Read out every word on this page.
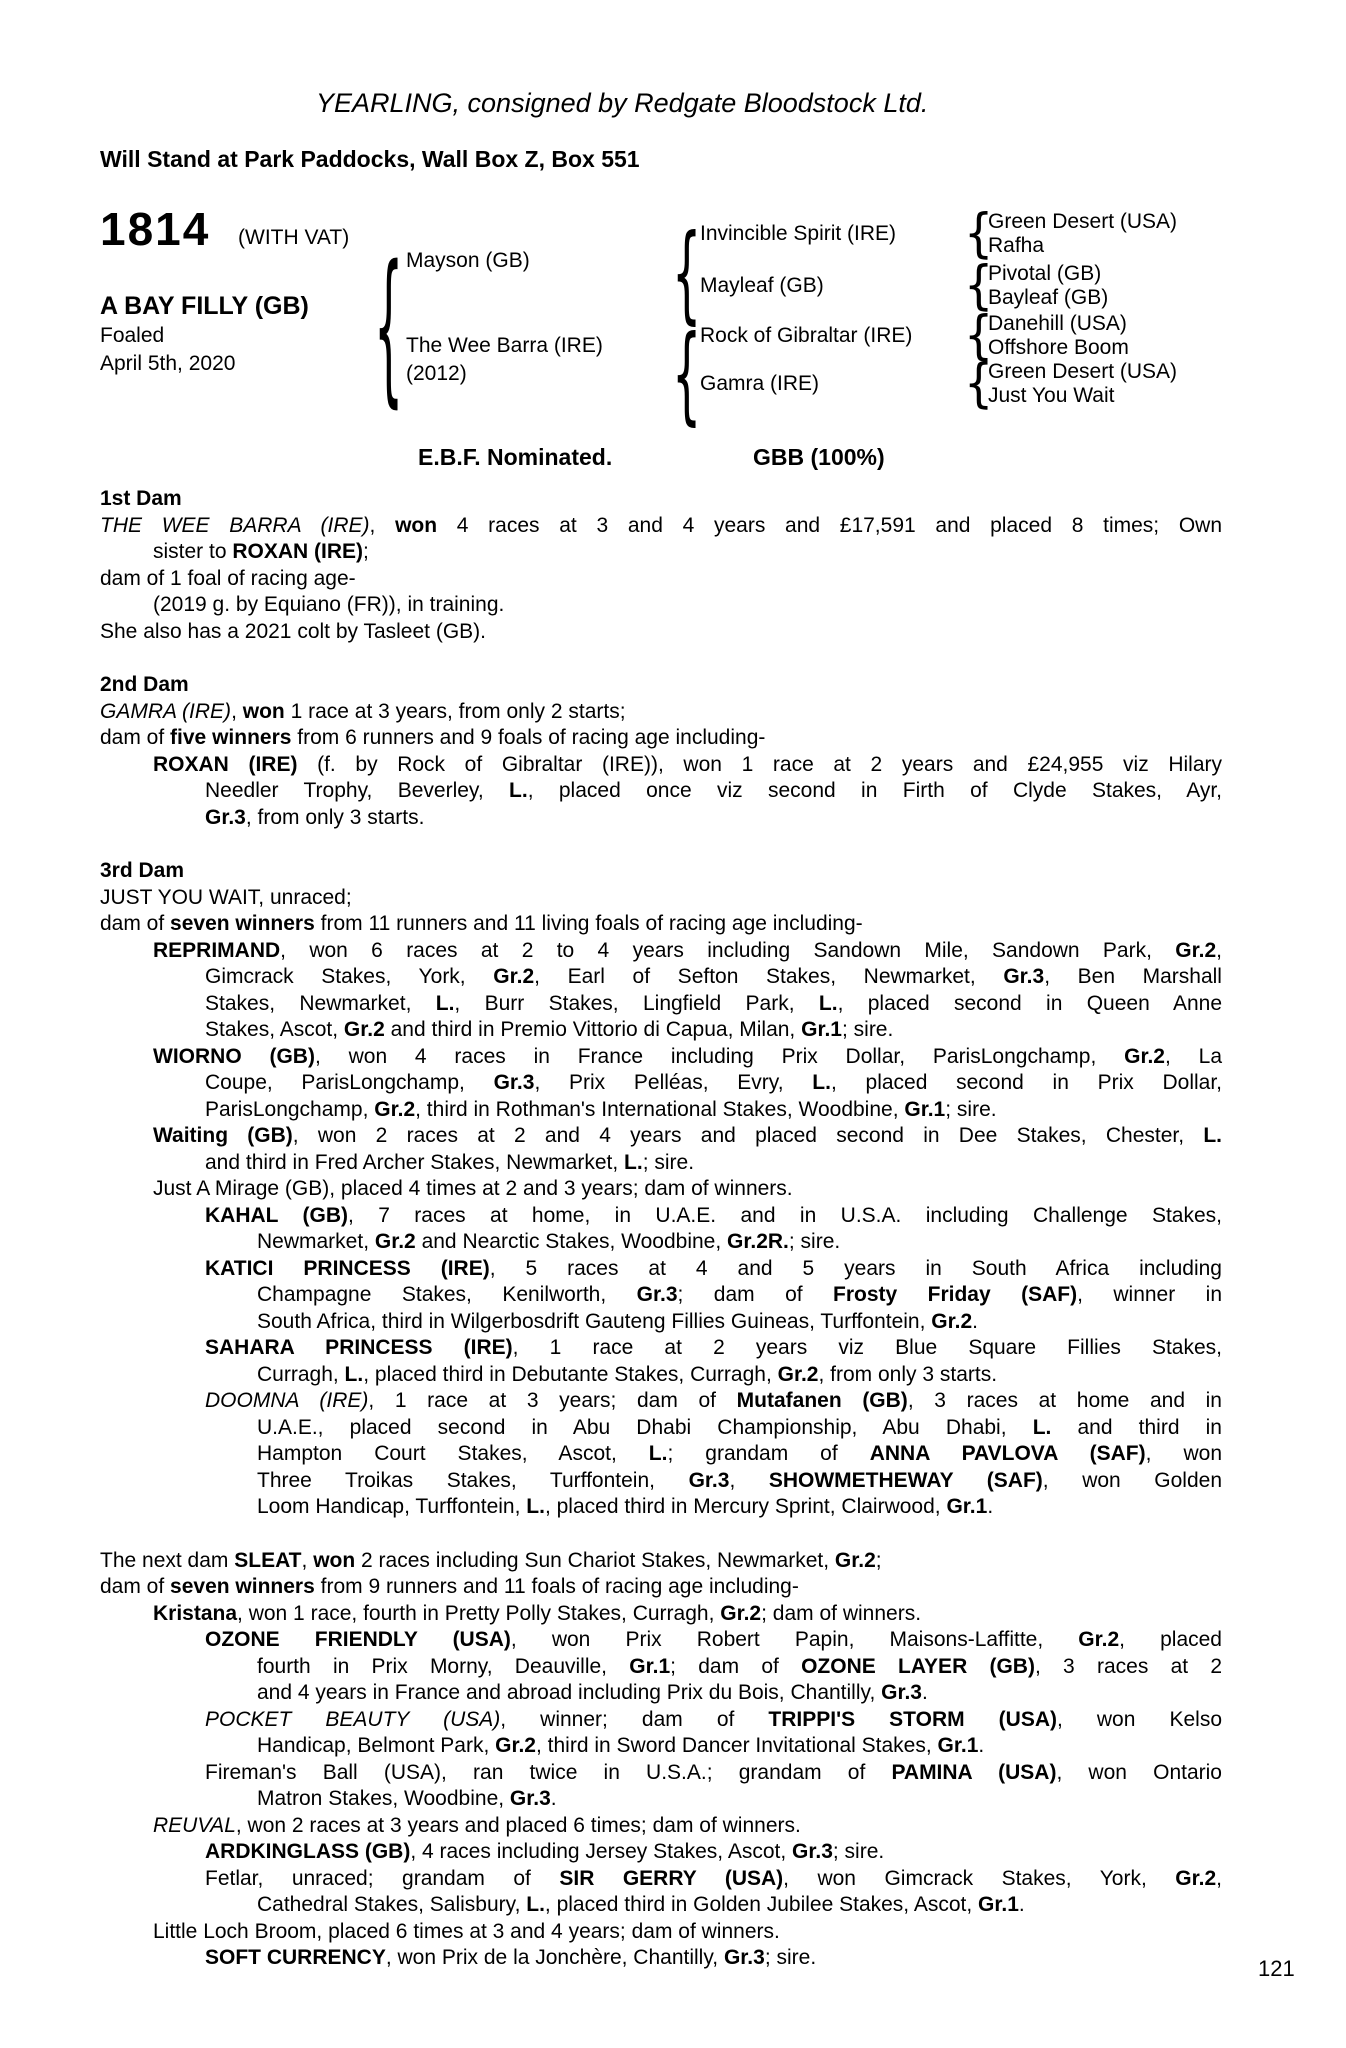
YEARLING, consigned by Redgate Bloodstock Ltd.
Will Stand at Park Paddocks, Wall Box Z, Box 551
1814 (WITH VAT)
A BAY FILLY (GB)
Foaled
April 5th, 2020	{ Mayson (GB)
The Wee Barra (IRE)
(2012)
{
{
Invincible Spirit (IRE)
Mayleaf (GB)
Rock of Gibraltar (IRE)
Gamra (IRE)
{
{
{
{
Green Desert (USA)
Rafha
Pivotal (GB)
Bayleaf (GB)
Danehill (USA)
Offshore Boom
Green Desert (USA)
Just You Wait
E.B.F. Nominated.	GBB (100%)
1st Dam
THE WEE BARRA (IRE), won 4 races at 3 and 4 years and £17,591 and placed 8 times; Own
sister to ROXAN (IRE);
dam of 1 foal of racing age-
(2019 g. by Equiano (FR)), in training.
She also has a 2021 colt by Tasleet (GB).
2nd Dam
GAMRA (IRE), won 1 race at 3 years, from only 2 starts;
dam of five winners from 6 runners and 9 foals of racing age including-
ROXAN (IRE) (f. by Rock of Gibraltar (IRE)), won 1 race at 2 years and £24,955 viz Hilary
Needler Trophy, Beverley, L., placed once viz second in Firth of Clyde Stakes, Ayr,
Gr.3, from only 3 starts.
3rd Dam
JUST YOU WAIT, unraced;
dam of seven winners from 11 runners and 11 living foals of racing age including-
REPRIMAND, won 6 races at 2 to 4 years including Sandown Mile, Sandown Park, Gr.2,
Gimcrack Stakes, York, Gr.2, Earl of Sefton Stakes, Newmarket, Gr.3, Ben Marshall
Stakes, Newmarket, L., Burr Stakes, Lingfield Park, L., placed second in Queen Anne
Stakes, Ascot, Gr.2 and third in Premio Vittorio di Capua, Milan, Gr.1; sire.
WIORNO (GB), won 4 races in France including Prix Dollar, ParisLongchamp, Gr.2, La
Coupe, ParisLongchamp, Gr.3, Prix Pelléas, Evry, L., placed second in Prix Dollar,
ParisLongchamp, Gr.2, third in Rothman's International Stakes, Woodbine, Gr.1; sire.
Waiting (GB), won 2 races at 2 and 4 years and placed second in Dee Stakes, Chester, L.
and third in Fred Archer Stakes, Newmarket, L.; sire.
Just A Mirage (GB), placed 4 times at 2 and 3 years; dam of winners.
KAHAL (GB), 7 races at home, in U.A.E. and in U.S.A. including Challenge Stakes,
Newmarket, Gr.2 and Nearctic Stakes, Woodbine, Gr.2R.; sire.
KATICI PRINCESS (IRE), 5 races at 4 and 5 years in South Africa including
Champagne Stakes, Kenilworth, Gr.3; dam of Frosty Friday (SAF), winner in
South Africa, third in Wilgerbosdrift Gauteng Fillies Guineas, Turffontein, Gr.2.
SAHARA PRINCESS (IRE), 1 race at 2 years viz Blue Square Fillies Stakes,
Curragh, L., placed third in Debutante Stakes, Curragh, Gr.2, from only 3 starts.
DOOMNA (IRE), 1 race at 3 years; dam of Mutafanen (GB), 3 races at home and in
U.A.E., placed second in Abu Dhabi Championship, Abu Dhabi, L. and third in
Hampton Court Stakes, Ascot, L.; grandam of ANNA PAVLOVA (SAF), won
Three Troikas Stakes, Turffontein, Gr.3, SHOWMETHEWAY (SAF), won Golden
Loom Handicap, Turffontein, L., placed third in Mercury Sprint, Clairwood, Gr.1.
The next dam SLEAT, won 2 races including Sun Chariot Stakes, Newmarket, Gr.2;
dam of seven winners from 9 runners and 11 foals of racing age including-
Kristana, won 1 race, fourth in Pretty Polly Stakes, Curragh, Gr.2; dam of winners.
OZONE FRIENDLY (USA), won Prix Robert Papin, Maisons-Laffitte, Gr.2, placed
fourth in Prix Morny, Deauville, Gr.1; dam of OZONE LAYER (GB), 3 races at 2
and 4 years in France and abroad including Prix du Bois, Chantilly, Gr.3.
POCKET BEAUTY (USA), winner; dam of TRIPPI'S STORM (USA), won Kelso
Handicap, Belmont Park, Gr.2, third in Sword Dancer Invitational Stakes, Gr.1.
Fireman's Ball (USA), ran twice in U.S.A.; grandam of PAMINA (USA), won Ontario
Matron Stakes, Woodbine, Gr.3.
REUVAL, won 2 races at 3 years and placed 6 times; dam of winners.
ARDKINGLASS (GB), 4 races including Jersey Stakes, Ascot, Gr.3; sire.
Fetlar, unraced; grandam of SIR GERRY (USA), won Gimcrack Stakes, York, Gr.2,
Cathedral Stakes, Salisbury, L., placed third in Golden Jubilee Stakes, Ascot, Gr.1.
Little Loch Broom, placed 6 times at 3 and 4 years; dam of winners.
SOFT CURRENCY, won Prix de la Jonchère, Chantilly, Gr.3; sire.	121
